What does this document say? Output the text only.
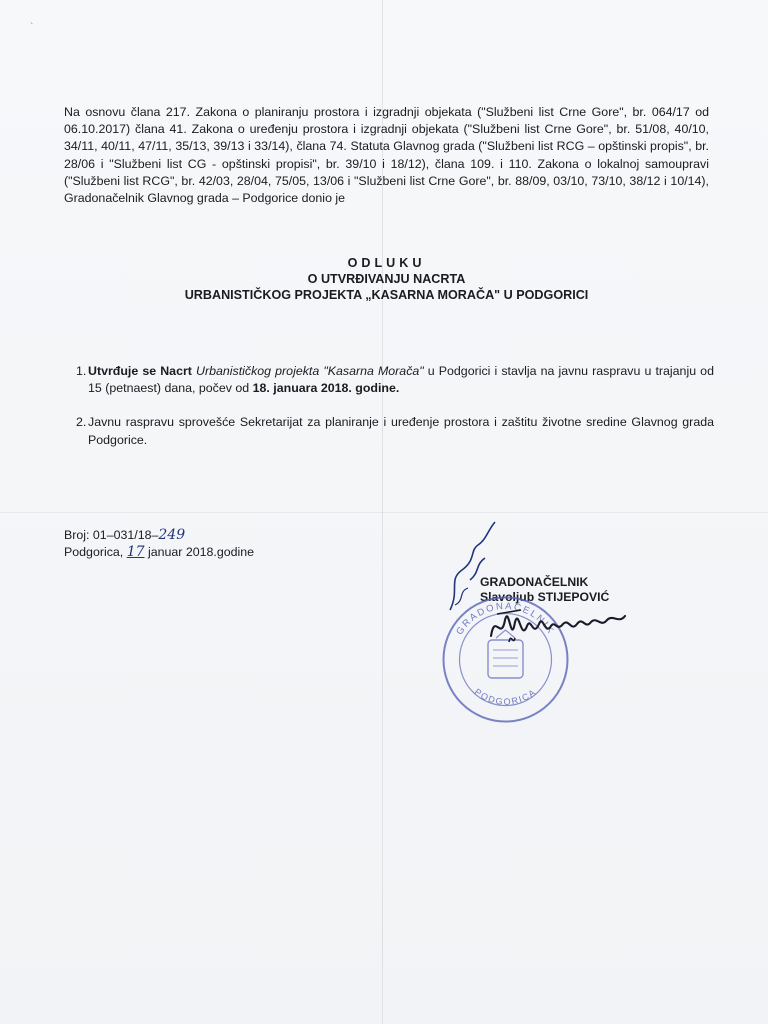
`

Na osnovu člana 217. Zakona o planiranju prostora i izgradnji objekata ("Službeni list Crne Gore", br. 064/17 od 06.10.2017) člana 41. Zakona o uređenju prostora i izgradnji objekata ("Službeni list Crne Gore", br. 51/08, 40/10, 34/11, 40/11, 47/11, 35/13, 39/13 i 33/14), člana 74. Statuta Glavnog grada ("Službeni list RCG – opštinski propis", br. 28/06 i "Službeni list CG - opštinski propisi", br. 39/10 i 18/12), člana 109. i 110. Zakona o lokalnoj samoupravi ("Službeni list RCG", br. 42/03, 28/04, 75/05, 13/06 i "Službeni list Crne Gore", br. 88/09, 03/10, 73/10, 38/12 i 10/14), Gradonačelnik Glavnog grada – Podgorice donio je

ODLUKU
O UTVRĐIVANJU NACRTA
URBANISTIČKOG PROJEKTA „KASARNA MORAČA" U PODGORICI
1. Utvrđuje se Nacrt Urbanističkog projekta "Kasarna Morača" u Podgorici i stavlja na javnu raspravu u trajanju od 15 (petnaest) dana, počev od 18. januara 2018. godine.
2. Javnu raspravu sprovešće Sekretarijat za planiranje i uređenje prostora i zaštitu životne sredine Glavnog grada Podgorice.
Broj: 01–031/18–249
Podgorica, 17 januar 2018.godine
GRADONAČELNIK
Slavoljub STIJEPOVIĆ
GRADONAČELNIK
PODGORICA
